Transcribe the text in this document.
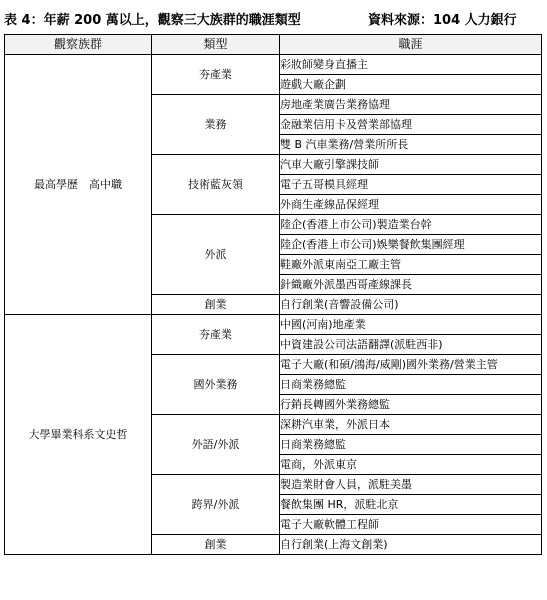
表 4：年薪 200 萬以上，觀察三大族群的職涯類型	資料來源：104 人力銀行
觀察族群	類型	職涯
最高學歷　高中職	夯產業	彩妝師變身直播主
		遊戲大廠企劃
	業務	房地產業廣告業務協理
		金融業信用卡及營業部協理
		雙 B 汽車業務/營業所所長
	技術藍灰領	汽車大廠引擎課技師
		電子五哥模具經理
		外商生產線品保經理
	外派	陸企(香港上市公司)製造業台幹
		陸企(香港上市公司)娛樂餐飲集團經理
		鞋廠外派東南亞工廠主管
		針織廠外派墨西哥產線課長
	創業	自行創業(音響設備公司)
大學畢業科系文史哲	夯產業	中國(河南)地產業
		中資建設公司法語翻譯(派駐西非)
	國外業務	電子大廠(和碩/鴻海/威剛)國外業務/營業主管
		日商業務總監
		行銷長轉國外業務總監
	外語/外派	深耕汽車業，外派日本
		日商業務總監
		電商，外派東京
	跨界/外派	製造業財會人員，派駐美墨
		餐飲集團 HR，派駐北京
		電子大廠軟體工程師
	創業	自行創業(上海文創業)
